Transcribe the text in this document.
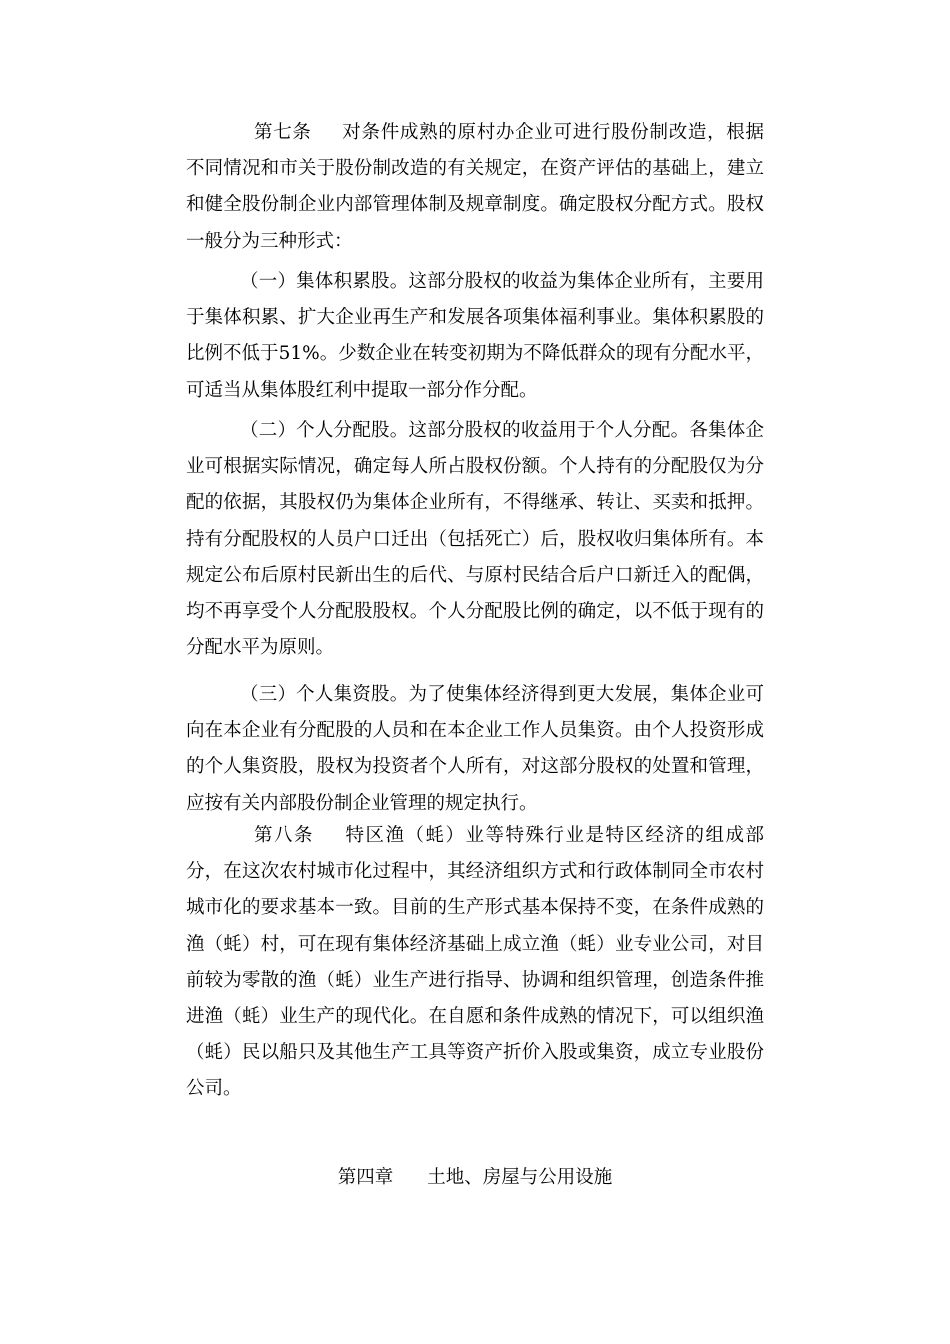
第七条 对条件成熟的原村办企业可进行股份制改造，根据不同情况和市关于股份制改造的有关规定，在资产评估的基础上，建立和健全股份制企业内部管理体制及规章制度。确定股权分配方式。股权一般分为三种形式：

（一）集体积累股。这部分股权的收益为集体企业所有，主要用于集体积累、扩大企业再生产和发展各项集体福利事业。集体积累股的比例不低于51%。少数企业在转变初期为不降低群众的现有分配水平，可适当从集体股红利中提取一部分作分配。

（二）个人分配股。这部分股权的收益用于个人分配。各集体企业可根据实际情况，确定每人所占股权份额。个人持有的分配股仅为分配的依据，其股权仍为集体企业所有，不得继承、转让、买卖和抵押。持有分配股权的人员户口迁出（包括死亡）后，股权收归集体所有。本规定公布后原村民新出生的后代、与原村民结合后户口新迁入的配偶，均不再享受个人分配股股权。个人分配股比例的确定，以不低于现有的分配水平为原则。

（三）个人集资股。为了使集体经济得到更大发展，集体企业可向在本企业有分配股的人员和在本企业工作人员集资。由个人投资形成的个人集资股，股权为投资者个人所有，对这部分股权的处置和管理，应按有关内部股份制企业管理的规定执行。

第八条 特区渔（蚝）业等特殊行业是特区经济的组成部分，在这次农村城市化过程中，其经济组织方式和行政体制同全市农村城市化的要求基本一致。目前的生产形式基本保持不变，在条件成熟的渔（蚝）村，可在现有集体经济基础上成立渔（蚝）业专业公司，对目前较为零散的渔（蚝）业生产进行指导、协调和组织管理，创造条件推进渔（蚝）业生产的现代化。在自愿和条件成熟的情况下，可以组织渔（蚝）民以船只及其他生产工具等资产折价入股或集资，成立专业股份公司。

第四章 土地、房屋与公用设施
